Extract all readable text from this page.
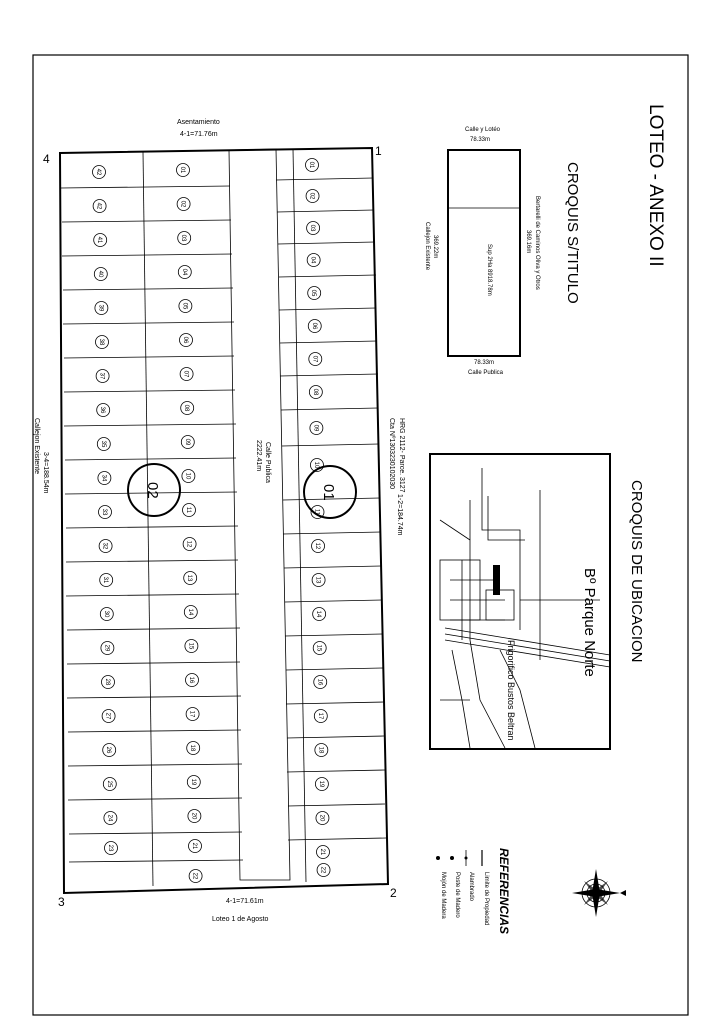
LOTEO - ANEXO II
CROQUIS S/TITULO
Calle y Lotéo
78.33m
78.33m
Calle Publica
369.22m
Callejon Existente	369.16m Bertarelli de Caminos Oliva y Otros
Sup 2Ha 8918.78m
CROQUIS DE UBICACION
Bº Parque Norte
Frigorifico Bustos Beltran
REFERENCIAS
Limite de Propiedad
Alambrado
Poste de Madero
Mojón de Madera
01
02
1
2
3
4
Asentamiento
4-1=71.76m
4-1=71.61m
Loteo 1 de Agosto
1-2=184.74m
HRG 2112- Parce. 3127
Cta Nº1303230102030
3-4=188.54m
Callejon Existente	Calle Publica
2222.41m
01
02
03
04
05
06
07
08
09
10
11
12
13
14
15
16
17
18
19
20
21
22
01
02
03
04
05
06
07
08
09
10
11
12
13
14
15
16
17
18
19
20
21
22
42
42
41
40
39
38
37
36
35
34
33
32
31
30
29
28
27
26
25
24
23
